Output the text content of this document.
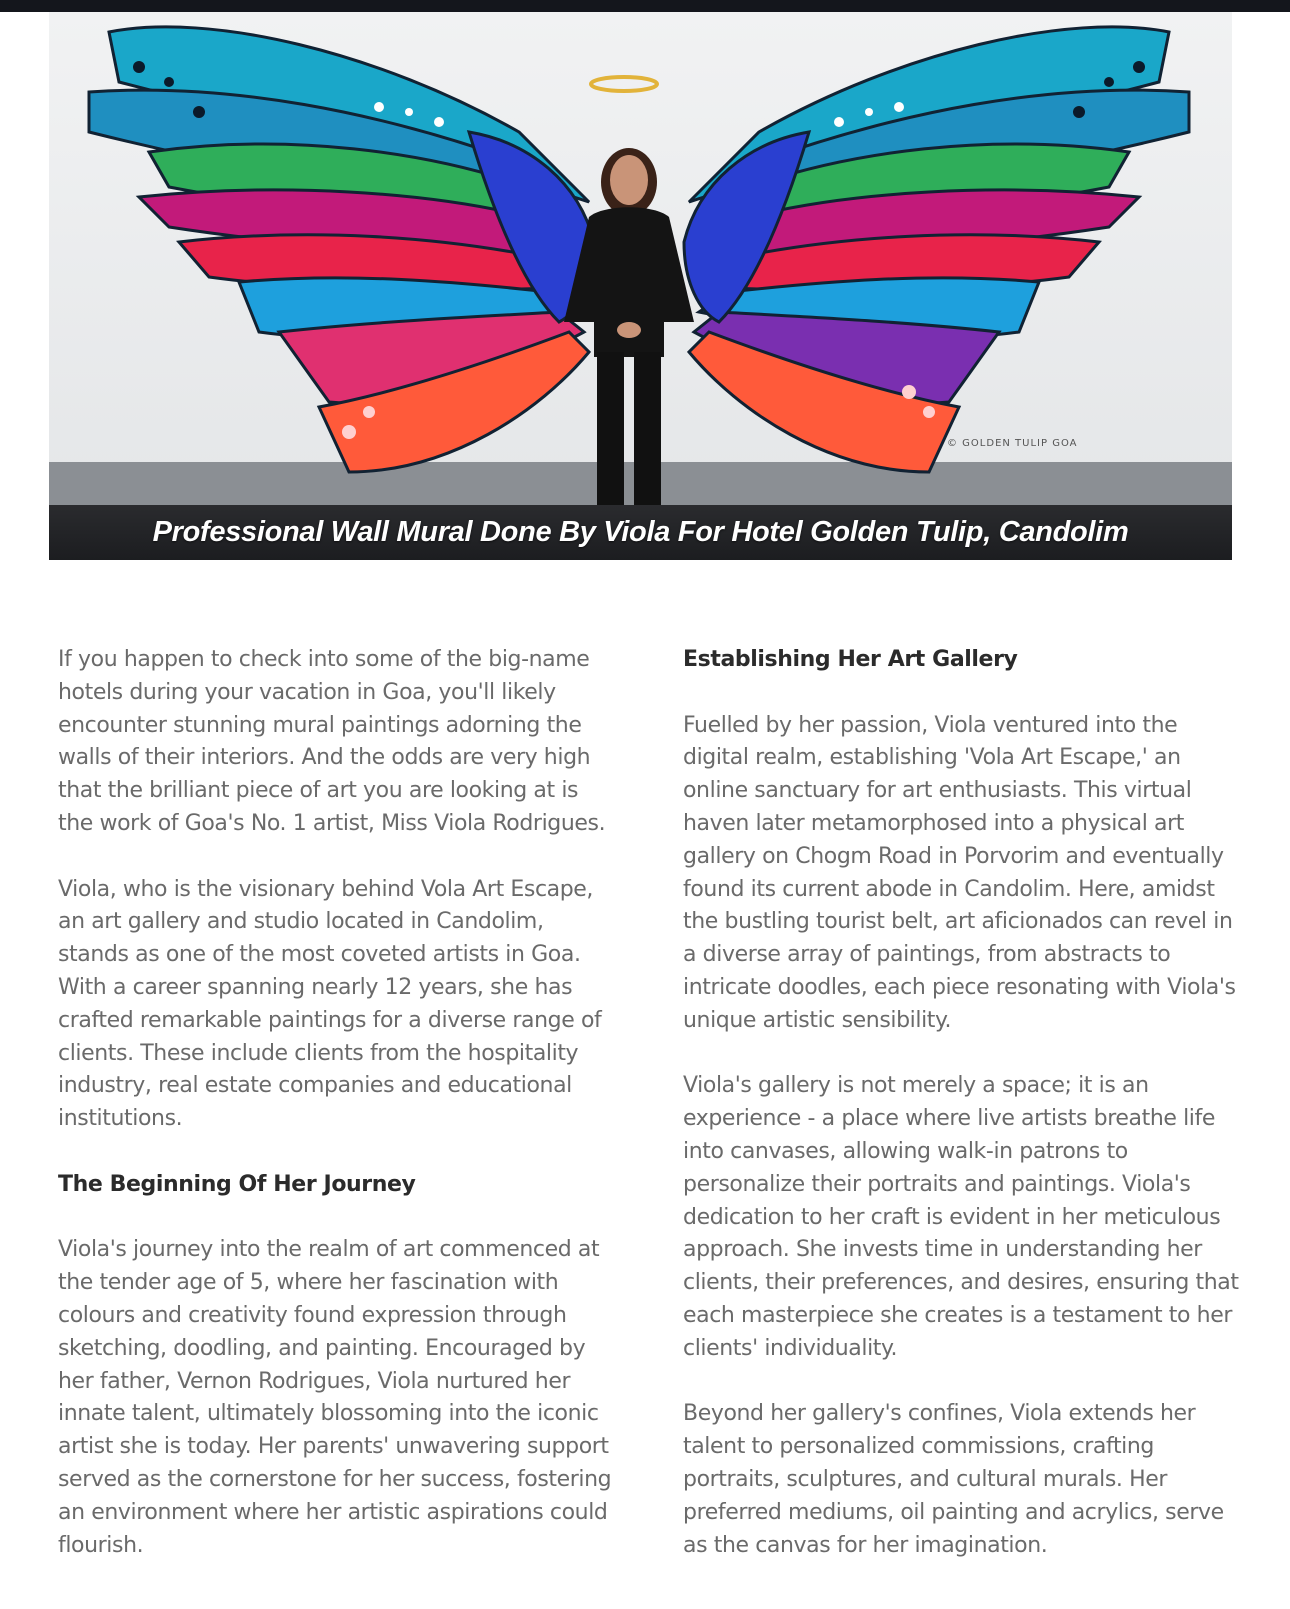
© GOLDEN TULIP GOA
Professional Wall Mural Done By Viola For Hotel Golden Tulip, Candolim

If you happen to check into some of the big-name hotels during your vacation in Goa, you'll likely encounter stunning mural paintings adorning the walls of their interiors. And the odds are very high that the brilliant piece of art you are looking at is the work of Goa's No. 1 artist, Miss Viola Rodrigues.

Viola, who is the visionary behind Vola Art Escape, an art gallery and studio located in Candolim, stands as one of the most coveted artists in Goa. With a career spanning nearly 12 years, she has crafted remarkable paintings for a diverse range of clients. These include clients from the hospitality industry, real estate companies and educational institutions.

The Beginning Of Her Journey

Viola's journey into the realm of art commenced at the tender age of 5, where her fascination with colours and creativity found expression through sketching, doodling, and painting. Encouraged by her father, Vernon Rodrigues, Viola nurtured her innate talent, ultimately blossoming into the iconic artist she is today. Her parents' unwavering support served as the cornerstone for her success, fostering an environment where her artistic aspirations could flourish.

Establishing Her Art Gallery

Fuelled by her passion, Viola ventured into the digital realm, establishing 'Vola Art Escape,' an online sanctuary for art enthusiasts. This virtual haven later metamorphosed into a physical art gallery on Chogm Road in Porvorim and eventually found its current abode in Candolim. Here, amidst the bustling tourist belt, art aficionados can revel in a diverse array of paintings, from abstracts to intricate doodles, each piece resonating with Viola's unique artistic sensibility.

Viola's gallery is not merely a space; it is an experience - a place where live artists breathe life into canvases, allowing walk-in patrons to personalize their portraits and paintings. Viola's dedication to her craft is evident in her meticulous approach. She invests time in understanding her clients, their preferences, and desires, ensuring that each masterpiece she creates is a testament to her clients' individuality.

Beyond her gallery's confines, Viola extends her talent to personalized commissions, crafting portraits, sculptures, and cultural murals. Her preferred mediums, oil painting and acrylics, serve as the canvas for her imagination.
